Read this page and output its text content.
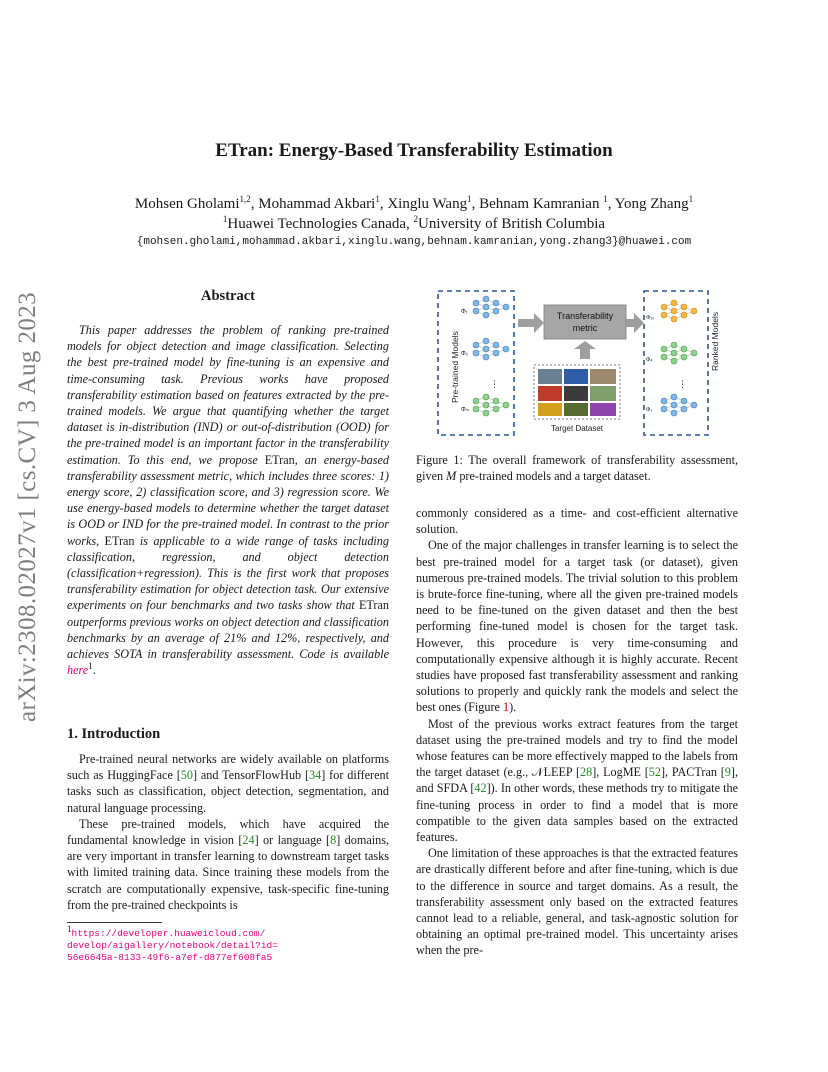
ETran: Energy-Based Transferability Estimation
Mohsen Gholami$^{1,2}$, Mohammad Akbari$^1$, Xinglu Wang$^1$, Behnam Kamranian $^1$, Yong Zhang$^1$
$^1$Huawei Technologies Canada, $^2$University of British Columbia
{mohsen.gholami,mohammad.akbari,xinglu.wang,behnam.kamranian,yong.zhang3}@huawei.com
arXiv:2308.02027v1 [cs.CV] 3 Aug 2023	Abstract
This paper addresses the problem of ranking pre-trained models for object detection and image classification. Selecting the best pre-trained model by fine-tuning is an expensive and time-consuming task. Previous works have proposed transferability estimation based on features extracted by the pre-trained models. We argue that quantifying whether the target dataset is in-distribution (IND) or out-of-distribution (OOD) for the pre-trained model is an important factor in the transferability estimation. To this end, we propose ETran, an energy-based transferability assessment metric, which includes three scores: 1) energy score, 2) classification score, and 3) regression score. We use energy-based models to determine whether the target dataset is OOD or IND for the pre-trained model. In contrast to the prior works, ETran is applicable to a wide range of tasks including classification, regression, and object detection (classification+regression). This is the first work that proposes transferability estimation for object detection task. Our extensive experiments on four benchmarks and two tasks show that ETran outperforms previous works on object detection and classification benchmarks by an average of 21% and 12%, respectively, and achieves SOTA in transferability assessment. Code is available here$^1$.
1. Introduction

Pre-trained neural networks are widely available on platforms such as HuggingFace [50] and TensorFlowHub [34] for different tasks such as classification, object detection, segmentation, and natural language processing.

These pre-trained models, which have acquired the fundamental knowledge in vision [24] or language [8] domains, are very important in transfer learning to downstream target tasks with limited training data. Since training these models from the scratch are computationally expensive, task-specific fine-tuning from the pre-trained checkpoints is

$^1$https://developer.huaweicloud.com/
develop/aigallery/notebook/detail?id=
56e6645a-8133-49f6-a7ef-d877ef608fa5
Pre-trained Models
Φ₁
Φ₂
⋮
Φₘ
Transferability
metric
Target Dataset
Φ₁₀
Φ₄
⋮
Φ₁
Ranked Models
Figure 1: The overall framework of transferability assessment, given M pre-trained models and a target dataset.

commonly considered as a time- and cost-efficient alternative solution.

One of the major challenges in transfer learning is to select the best pre-trained model for a target task (or dataset), given numerous pre-trained models. The trivial solution to this problem is brute-force fine-tuning, where all the given pre-trained models need to be fine-tuned on the given dataset and then the best performing fine-tuned model is chosen for the target task. However, this procedure is very time-consuming and computationally expensive although it is highly accurate. Recent studies have proposed fast transferability assessment and ranking solutions to properly and quickly rank the models and select the best ones (Figure 1).

Most of the previous works extract features from the target dataset using the pre-trained models and try to find the model whose features can be more effectively mapped to the labels from the target dataset (e.g., 𝒩LEEP [28], LogME [52], PACTran [9], and SFDA [42]). In other words, these methods try to mitigate the fine-tuning process in order to find a model that is more compatible to the given data samples based on the extracted features.

One limitation of these approaches is that the extracted features are drastically different before and after fine-tuning, which is due to the difference in source and target domains. As a result, the transferability assessment only based on the extracted features cannot lead to a reliable, general, and task-agnostic solution for obtaining an optimal pre-trained model. This uncertainty arises when the pre-
